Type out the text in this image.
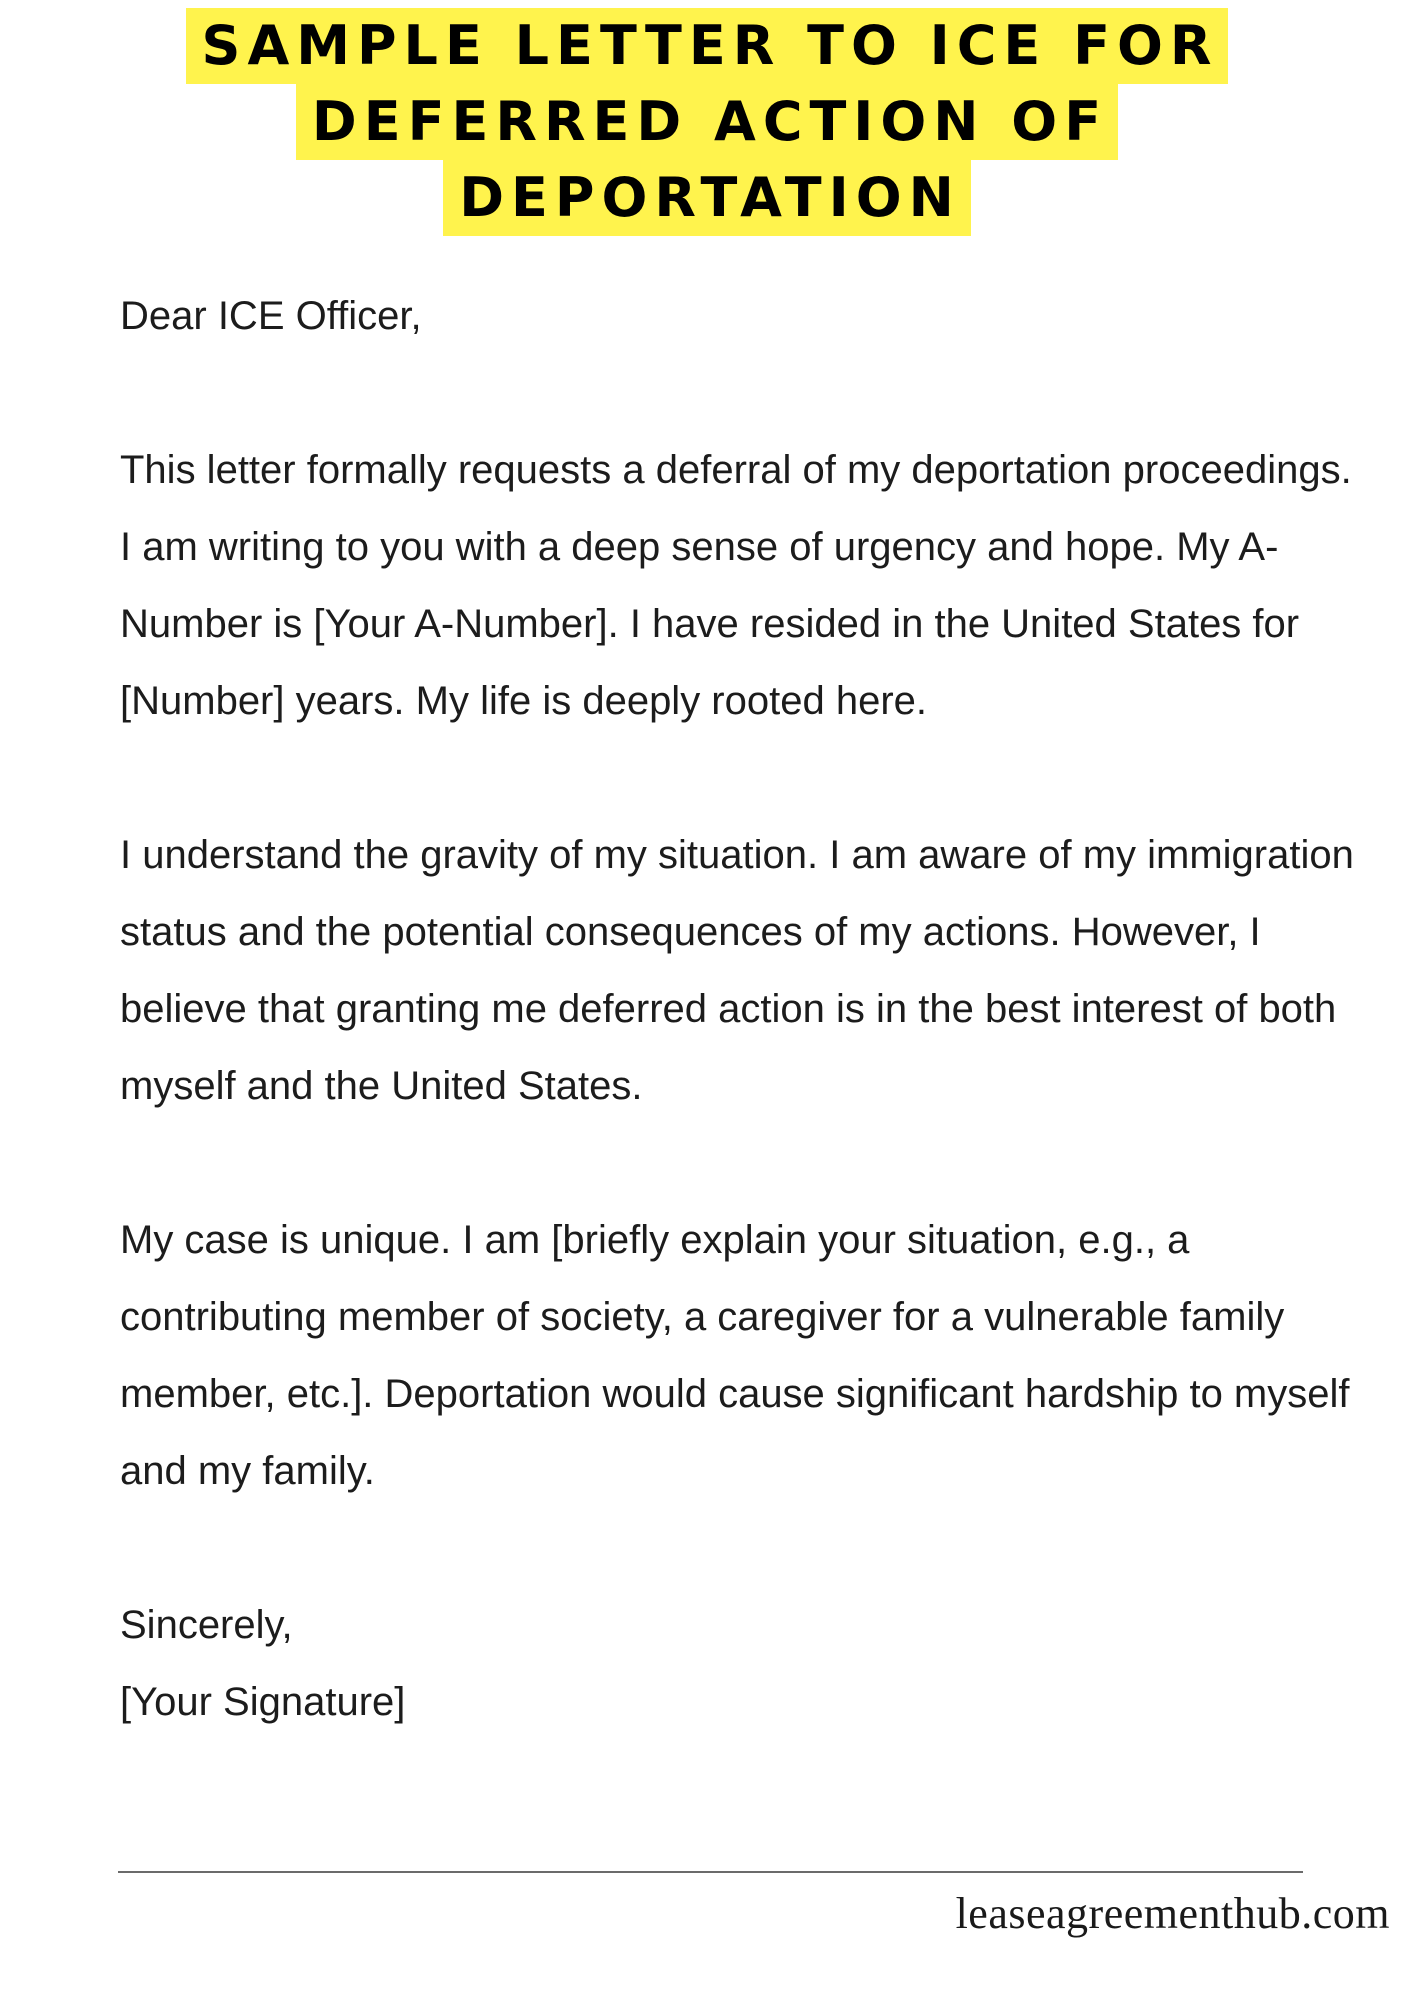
SAMPLE LETTER TO ICE FOR
DEFERRED ACTION OF
DEPORTATION

Dear ICE Officer,

This letter formally requests a deferral of my deportation proceedings. I am writing to you with a deep sense of urgency and hope. My A-Number is [Your A-Number]. I have resided in the United States for [Number] years. My life is deeply rooted here.

I understand the gravity of my situation. I am aware of my immigration status and the potential consequences of my actions. However, I believe that granting me deferred action is in the best interest of both myself and the United States.

My case is unique. I am [briefly explain your situation, e.g., a contributing member of society, a caregiver for a vulnerable family member, etc.]. Deportation would cause significant hardship to myself and my family.

Sincerely,

[Your Signature]

leaseagreementhub.com
